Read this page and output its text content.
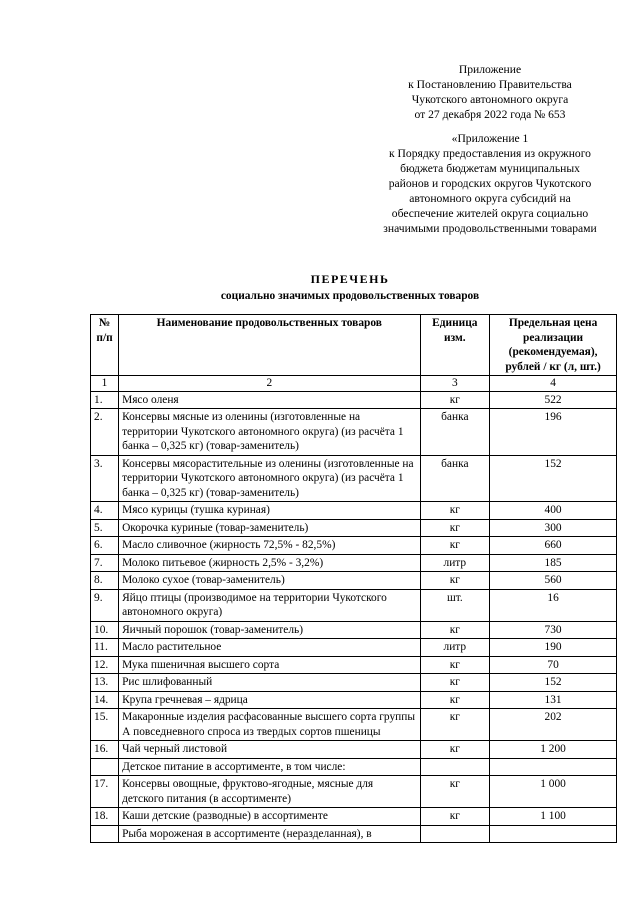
Приложение
к Постановлению Правительства
Чукотского автономного округа
от 27 декабря 2022 года № 653
«Приложение 1
к Порядку предоставления из окружного
бюджета бюджетам муниципальных
районов и городских округов Чукотского
автономного округа субсидий на
обеспечение жителей округа социально
значимыми продовольственными товарами
ПЕРЕЧЕНЬ
социально значимых продовольственных товаров
№ п/п	Наименование продовольственных товаров	Единица изм.	Предельная цена реализации (рекомендуемая), рублей / кг (л, шт.)
1	2	3	4
1.	Мясо оленя	кг	522
2.	Консервы мясные из оленины (изготовленные на территории Чукотского автономного округа) (из расчёта 1 банка – 0,325 кг) (товар-заменитель)	банка	196
3.	Консервы мясорастительные из оленины (изготовленные на территории Чукотского автономного округа) (из расчёта 1 банка – 0,325 кг) (товар-заменитель)	банка	152
4.	Мясо курицы (тушка куриная)	кг	400
5.	Окорочка куриные (товар-заменитель)	кг	300
6.	Масло сливочное (жирность 72,5% - 82,5%)	кг	660
7.	Молоко питьевое (жирность 2,5% - 3,2%)	литр	185
8.	Молоко сухое (товар-заменитель)	кг	560
9.	Яйцо птицы (производимое на территории Чукотского автономного округа)	шт.	16
10.	Яичный порошок (товар-заменитель)	кг	730
11.	Масло растительное	литр	190
12.	Мука пшеничная высшего сорта	кг	70
13.	Рис шлифованный	кг	152
14.	Крупа гречневая – ядрица	кг	131
15.	Макаронные изделия расфасованные высшего сорта группы А повседневного спроса из твердых сортов пшеницы	кг	202
16.	Чай черный листовой	кг	1 200
	Детское питание в ассортименте, в том числе:		
17.	Консервы овощные, фруктово-ягодные, мясные для детского питания (в ассортименте)	кг	1 000
18.	Каши детские (разводные) в ассортименте	кг	1 100
	Рыба мороженая в ассортименте (неразделанная), в		
